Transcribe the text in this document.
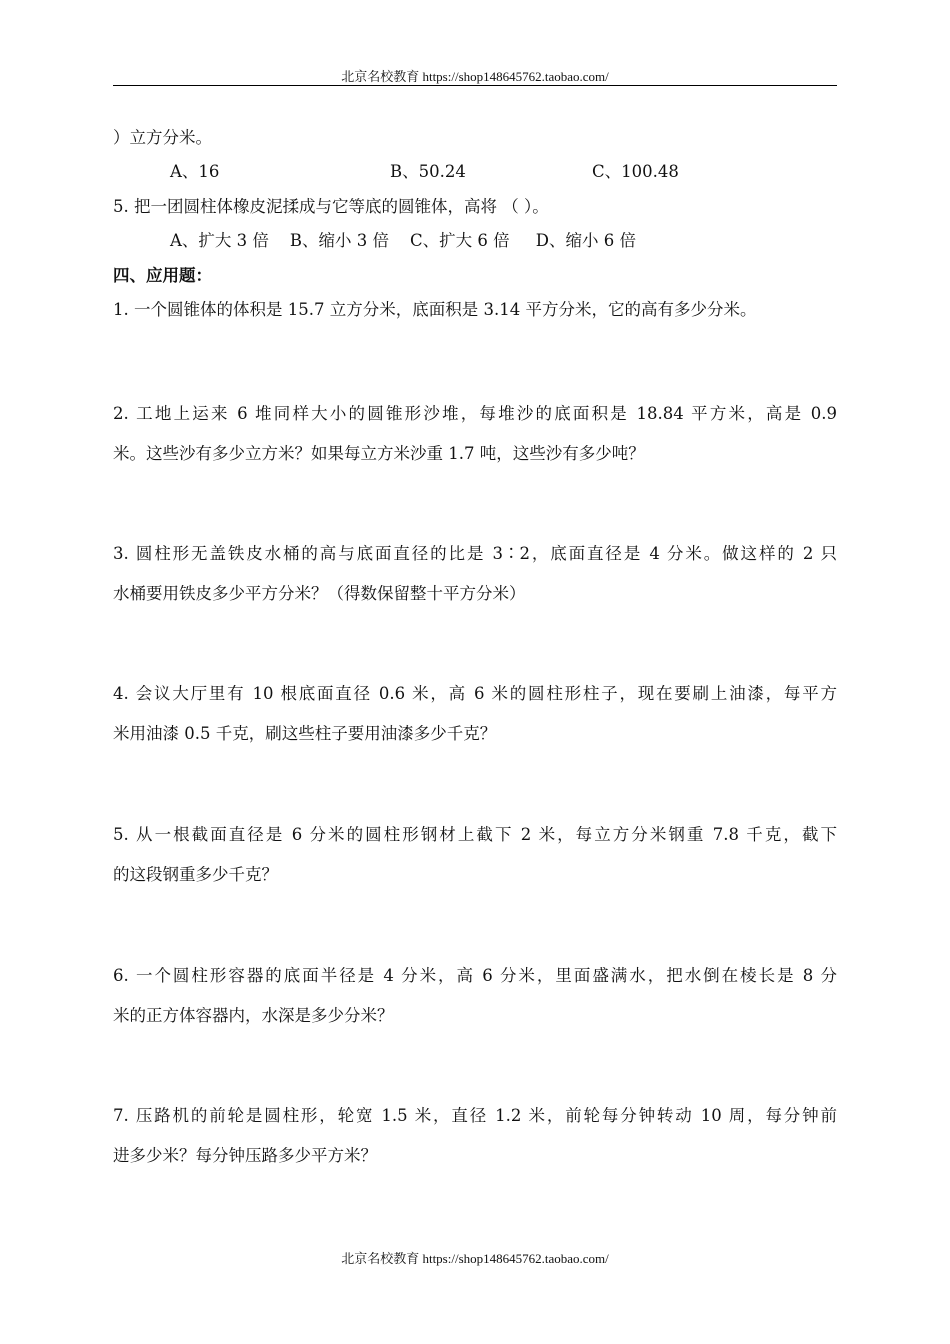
北京名校教育 https://shop148645762.taobao.com/
）立方分米。
A、16	B、50.24	C、100.48
5. 把一团圆柱体橡皮泥揉成与它等底的圆锥体，高将 （ ）。
A、扩大 3 倍    B、缩小 3 倍    C、扩大 6 倍     D、缩小 6 倍
四、应用题：
1. 一个圆锥体的体积是 15.7 立方分米，底面积是 3.14 平方分米，它的高有多少分米。
2. 工地上运来 6 堆同样大小的圆锥形沙堆，每堆沙的底面积是 18.84 平方米，高是 0.9
米。这些沙有多少立方米？如果每立方米沙重 1.7 吨，这些沙有多少吨？
3. 圆柱形无盖铁皮水桶的高与底面直径的比是 3∶2，底面直径是 4 分米。做这样的 2 只
水桶要用铁皮多少平方分米？（得数保留整十平方分米）
4. 会议大厅里有 10 根底面直径 0.6 米，高 6 米的圆柱形柱子，现在要刷上油漆，每平方
米用油漆 0.5 千克，刷这些柱子要用油漆多少千克？
5. 从一根截面直径是 6 分米的圆柱形钢材上截下 2 米，每立方分米钢重 7.8 千克，截下
的这段钢重多少千克？
6. 一个圆柱形容器的底面半径是 4 分米，高 6 分米，里面盛满水，把水倒在棱长是 8 分
米的正方体容器内，水深是多少分米？
7. 压路机的前轮是圆柱形，轮宽 1.5 米，直径 1.2 米，前轮每分钟转动 10 周，每分钟前
进多少米？每分钟压路多少平方米？
北京名校教育 https://shop148645762.taobao.com/
